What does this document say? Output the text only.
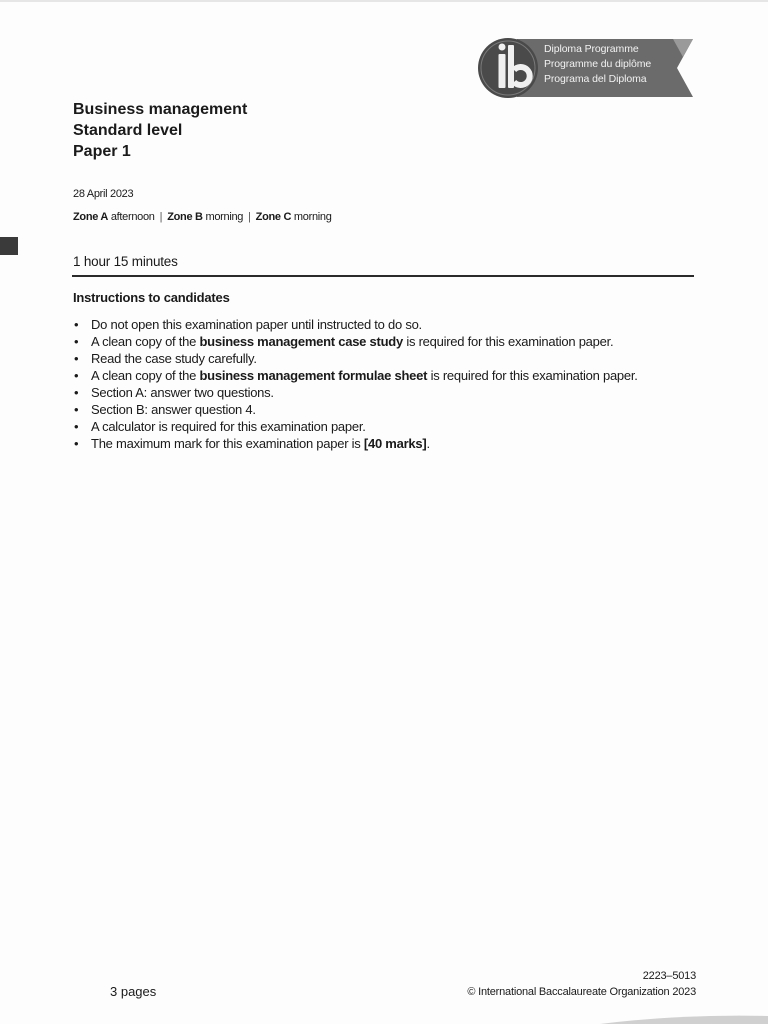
Diploma Programme
Programme du diplôme
Programa del Diploma
Business management
Standard level
Paper 1
28 April 2023
Zone A afternoon | Zone B morning | Zone C morning
1 hour 15 minutes
Instructions to candidates
• Do not open this examination paper until instructed to do so.
• A clean copy of the business management case study is required for this examination paper.
• Read the case study carefully.
• A clean copy of the business management formulae sheet is required for this examination paper.
• Section A: answer two questions.
• Section B: answer question 4.
• A calculator is required for this examination paper.
• The maximum mark for this examination paper is [40 marks].
3 pages
2223–5013
© International Baccalaureate Organization 2023
